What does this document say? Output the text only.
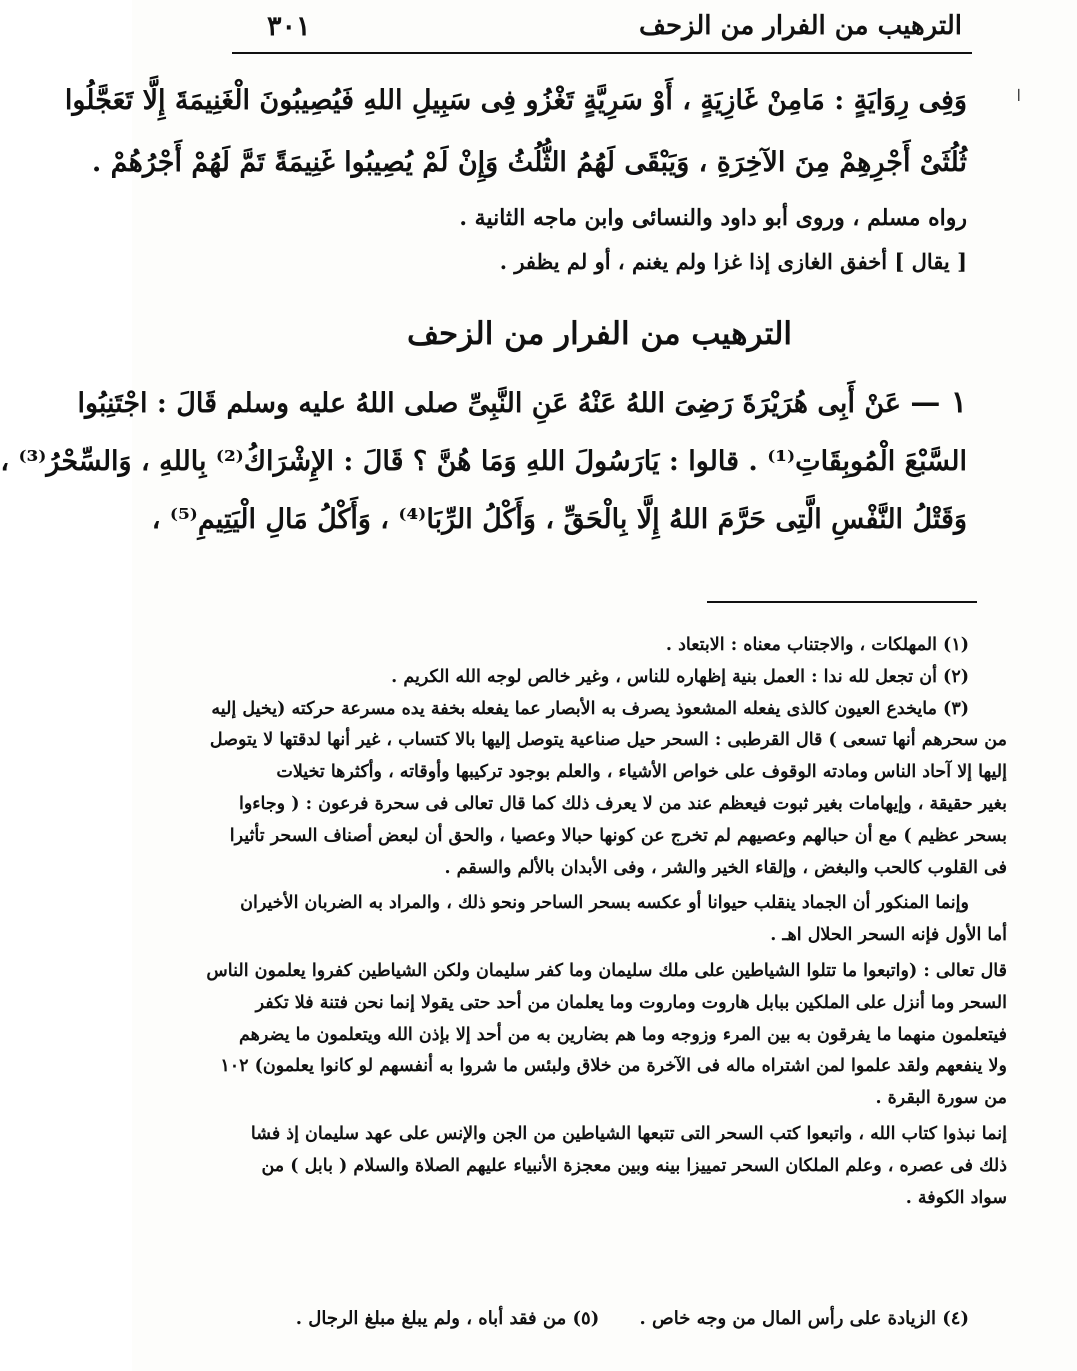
الترهيب من الفرار من الزحف
٣٠١
ا
وَفِى رِوَايَةٍ : مَامِنْ غَازِيَةٍ ، أَوْ سَرِيَّةٍ تَغْزُو فِى سَبِيلِ اللهِ فَيُصِيبُونَ الْغَنِيمَةَ إِلَّا تَعَجَّلُوا
ثُلُثَىْ أَجْرِهِمْ مِنَ الآخِرَةِ ، وَيَبْقَى لَهُمُ الثُّلُثُ وَإِنْ لَمْ يُصِيبُوا غَنِيمَةً تَمَّ لَهُمْ أَجْرُهُمْ .
رواه مسلم ، وروى أبو داود والنسائى وابن ماجه الثانية .
[ يقال ] أخفق الغازى إذا غزا ولم يغنم ، أو لم يظفر .
الترهيب من الفرار من الزحف
١ — عَنْ أَبِى هُرَيْرَةَ رَضِىَ اللهُ عَنْهُ عَنِ النَّبِىِّ صلى اللهُ عليه وسلم قَالَ : اجْتَنِبُوا
السَّبْعَ الْمُوبِقَاتِ⁽¹⁾ . قالوا : يَارَسُولَ اللهِ وَمَا هُنَّ ؟ قَالَ : الإِشْرَاكُ⁽²⁾ بِاللهِ ، وَالسِّحْرُ⁽³⁾ ،
وَقَتْلُ النَّفْسِ الَّتِى حَرَّمَ اللهُ إِلَّا بِالْحَقِّ ، وَأَكْلُ الرِّبَا⁽⁴⁾ ، وَأَكْلُ مَالِ الْيَتِيمِ⁽⁵⁾ ،
(١) المهلكات ، والاجتناب معناه : الابتعاد .
(٢) أن تجعل لله ندا : العمل بنية إظهاره للناس ، وغير خالص لوجه الله الكريم .
(٣) مايخدع العيون كالذى يفعله المشعوذ يصرف به الأبصار عما يفعله بخفة يده مسرعة حركته (يخيل إليه
من سحرهم أنها تسعى ) قال القرطبى : السحر حيل صناعية يتوصل إليها بالا كتساب ، غير أنها لدقتها لا يتوصل
إليها إلا آحاد الناس ومادته الوقوف على خواص الأشياء ، والعلم بوجود تركيبها وأوقاته ، وأكثرها تخيلات
بغير حقيقة ، وإيهامات بغير ثبوت فيعظم عند من لا يعرف ذلك كما قال تعالى فى سحرة فرعون : ( وجاءوا
بسحر عظيم ) مع أن حبالهم وعصيهم لم تخرج عن كونها حبالا وعصيا ، والحق أن لبعض أصناف السحر تأثيرا
فى القلوب كالحب والبغض ، وإلقاء الخير والشر ، وفى الأبدان بالألم والسقم .
وإنما المنكور أن الجماد ينقلب حيوانا أو عكسه بسحر الساحر ونحو ذلك ، والمراد به الضربان الأخيران
أما الأول فإنه السحر الحلال اهـ .
قال تعالى : (واتبعوا ما تتلوا الشياطين على ملك سليمان وما كفر سليمان ولكن الشياطين كفروا يعلمون الناس
السحر وما أنزل على الملكين ببابل هاروت وماروت وما يعلمان من أحد حتى يقولا إنما نحن فتنة فلا تكفر
فيتعلمون منهما ما يفرقون به بين المرء وزوجه وما هم بضارين به من أحد إلا بإذن الله ويتعلمون ما يضرهم
ولا ينفعهم ولقد علموا لمن اشتراه ماله فى الآخرة من خلاق ولبئس ما شروا به أنفسهم لو كانوا يعلمون) ١٠٢
من سورة البقرة .
إنما نبذوا كتاب الله ، واتبعوا كتب السحر التى تتبعها الشياطين من الجن والإنس على عهد سليمان إذ فشا
ذلك فى عصره ، وعلم الملكان السحر تمييزا بينه وبين معجزة الأنبياء عليهم الصلاة والسلام ( بابل ) من
سواد الكوفة .
(٤) الزيادة على رأس المال من وجه خاص . (٥) من فقد أباه ، ولم يبلغ مبلغ الرجال .
